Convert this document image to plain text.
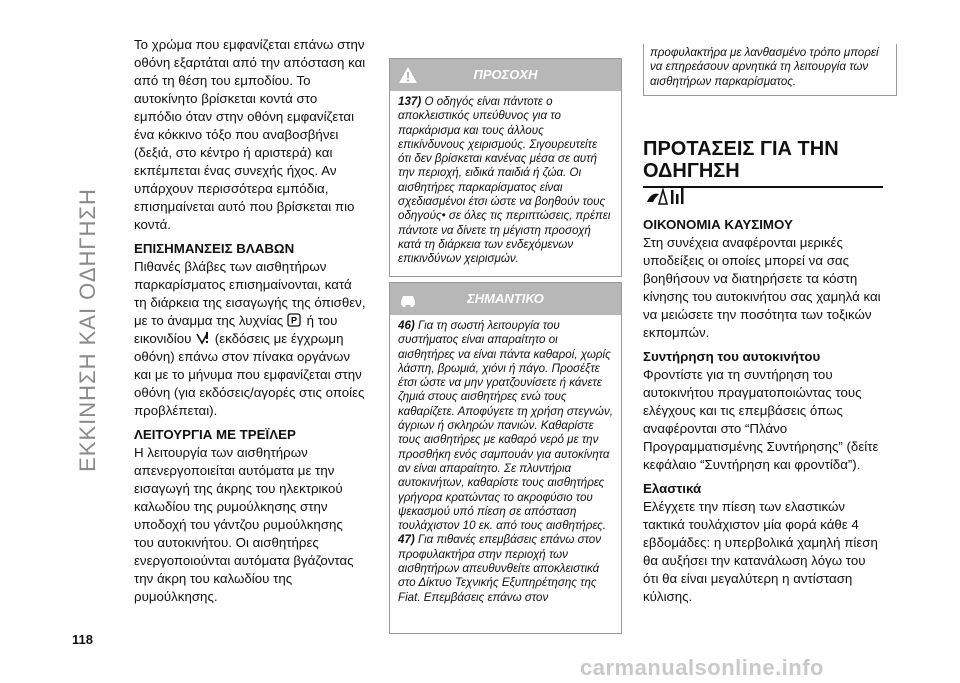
ΕΚΚΙΝΗΣΗ ΚΑΙ ΟΔΗΓΗΣΗ
118

Το χρώμα που εμφανίζεται επάνω στην οθόνη εξαρτάται από την απόσταση και από τη θέση του εμποδίου. Το αυτοκίνητο βρίσκεται κοντά στο εμπόδιο όταν στην οθόνη εμφανίζεται ένα κόκκινο τόξο που αναβοσβήνει (δεξιά, στο κέντρο ή αριστερά) και εκπέμπεται ένας συνεχής ήχος. Αν υπάρχουν περισσότερα εμπόδια, επισημαίνεται αυτό που βρίσκεται πιο κοντά.

ΕΠΙΣΗΜΑΝΣΕΙΣ ΒΛΑΒΩΝ

Πιθανές βλάβες των αισθητήρων παρκαρίσματος επισημαίνονται, κατά τη διάρκεια της εισαγωγής της όπισθεν, με το άναμμα της λυχνίας P ή του εικονιδίου (εκδόσεις με έγχρωμη οθόνη) επάνω στον πίνακα οργάνων και με το μήνυμα που εμφανίζεται στην οθόνη (για εκδόσεις/αγορές στις οποίες προβλέπεται).

ΛΕΙΤΟΥΡΓΙΑ ΜΕ ΤΡΕΪΛΕΡ

Η λειτουργία των αισθητήρων απενεργοποιείται αυτόματα με την εισαγωγή της άκρης του ηλεκτρικού καλωδίου της ρυμούλκησης στην υποδοχή του γάντζου ρυμούλκησης του αυτοκινήτου. Οι αισθητήρες ενεργοποιούνται αυτόματα βγάζοντας την άκρη του καλωδίου της ρυμούλκησης.

ΠΡΟΣΟΧΗ
137) Ο οδηγός είναι πάντοτε ο αποκλειστικός υπεύθυνος για το παρκάρισμα και τους άλλους επικίνδυνους χειρισμούς. Σιγουρευτείτε ότι δεν βρίσκεται κανένας μέσα σε αυτή την περιοχή, ειδικά παιδιά ή ζώα. Οι αισθητήρες παρκαρίσματος είναι σχεδιασμένοι έτσι ώστε να βοηθούν τους οδηγούς• σε όλες τις περιπτώσεις, πρέπει πάντοτε να δίνετε τη μέγιστη προσοχή κατά τη διάρκεια των ενδεχόμενων επικινδύνων χειρισμών.
ΣΗΜΑΝΤΙΚΟ
46) Για τη σωστή λειτουργία του συστήματος είναι απαραίτητο οι αισθητήρες να είναι πάντα καθαροί, χωρίς λάσπη, βρωμιά, χιόνι ή πάγο. Προσέξτε έτσι ώστε να μην γρατζουνίσετε ή κάνετε ζημιά στους αισθητήρες ενώ τους καθαρίζετε. Αποφύγετε τη χρήση στεγνών, άγριων ή σκληρών πανιών. Καθαρίστε τους αισθητήρες με καθαρό νερό με την προσθήκη ενός σαμπουάν για αυτοκίνητα αν είναι απαραίτητο. Σε πλυντήρια αυτοκινήτων, καθαρίστε τους αισθητήρες γρήγορα κρατώντας το ακροφύσιο του ψεκασμού υπό πίεση σε απόσταση τουλάχιστον 10 εκ. από τους αισθητήρες.
47) Για πιθανές επεμβάσεις επάνω στον προφυλακτήρα στην περιοχή των αισθητήρων απευθυνθείτε αποκλειστικά στο Δίκτυο Τεχνικής Εξυπηρέτησης της Fiat. Επεμβάσεις επάνω στον
προφυλακτήρα με λανθασμένο τρόπο μπορεί να επηρεάσουν αρνητικά τη λειτουργία των αισθητήρων παρκαρίσματος.
ΠΡΟΤΑΣΕΙΣ ΓΙΑ ΤΗΝ ΟΔΗΓΗΣΗ
ΟΙΚΟΝΟΜΙΑ ΚΑΥΣΙΜΟΥ

Στη συνέχεια αναφέρονται μερικές υποδείξεις οι οποίες μπορεί να σας βοηθήσουν να διατηρήσετε τα κόστη κίνησης του αυτοκινήτου σας χαμηλά και να μειώσετε την ποσότητα των τοξικών εκπομπών.

Συντήρηση του αυτοκινήτου

Φροντίστε για τη συντήρηση του αυτοκινήτου πραγματοποιώντας τους ελέγχους και τις επεμβάσεις όπως αναφέρονται στο “Πλάνο Προγραμματισμένης Συντήρησης” (δείτε κεφάλαιο “Συντήρηση και φροντίδα”).

Ελαστικά

Ελέγχετε την πίεση των ελαστικών τακτικά τουλάχιστον μία φορά κάθε 4 εβδομάδες: η υπερβολικά χαμηλή πίεση θα αυξήσει την κατανάλωση λόγω του ότι θα είναι μεγαλύτερη η αντίσταση κύλισης.

carmanualsonline.info
